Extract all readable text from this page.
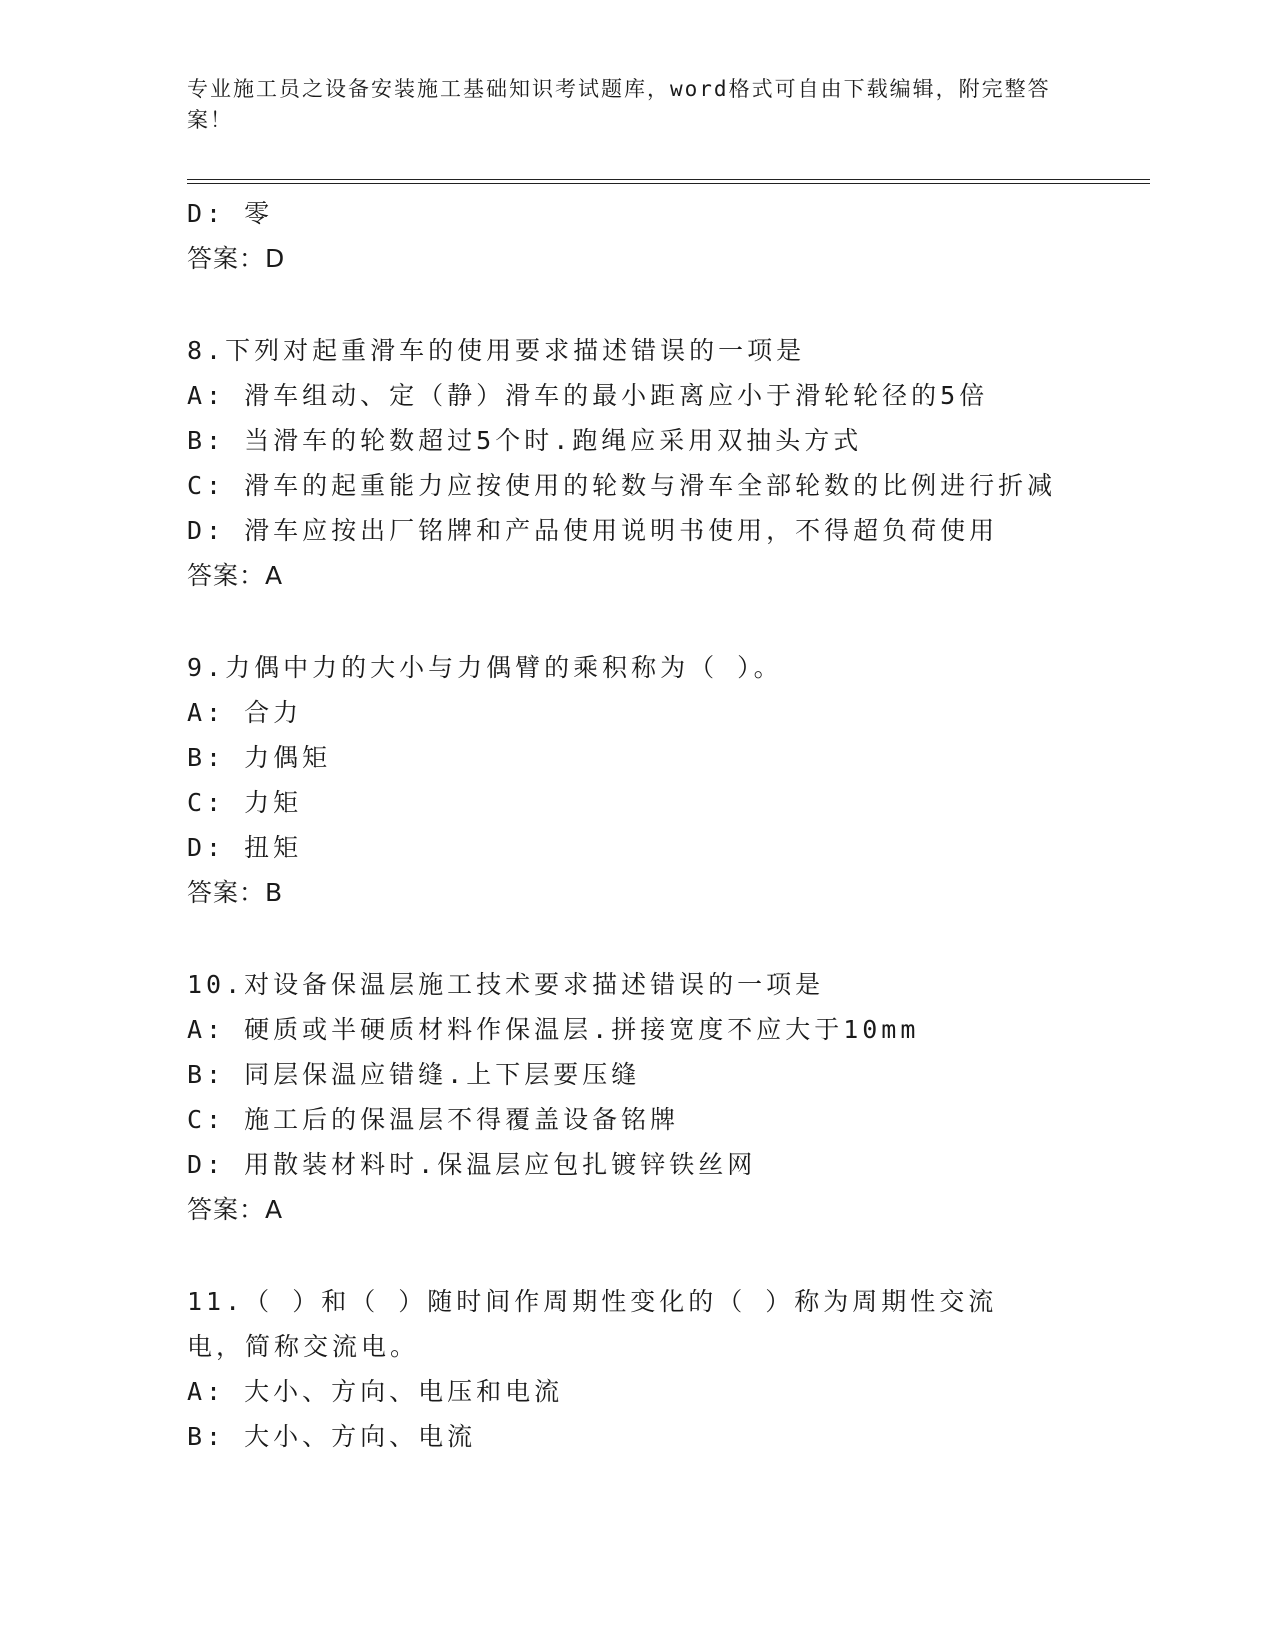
专业施工员之设备安装施工基础知识考试题库，word格式可自由下载编辑，附完整答案！
D: 零
答案：D
8.下列对起重滑车的使用要求描述错误的一项是
A: 滑车组动、定（静）滑车的最小距离应小于滑轮轮径的5倍
B: 当滑车的轮数超过5个时.跑绳应采用双抽头方式
C: 滑车的起重能力应按使用的轮数与滑车全部轮数的比例进行折减
D: 滑车应按出厂铭牌和产品使用说明书使用，不得超负荷使用
答案：A
9.力偶中力的大小与力偶臂的乘积称为（ ）。
A: 合力
B: 力偶矩
C: 力矩
D: 扭矩
答案：B
10.对设备保温层施工技术要求描述错误的一项是
A: 硬质或半硬质材料作保温层.拼接宽度不应大于10mm
B: 同层保温应错缝.上下层要压缝
C: 施工后的保温层不得覆盖设备铭牌
D: 用散装材料时.保温层应包扎镀锌铁丝网
答案：A
11.（ ）和（ ）随时间作周期性变化的（ ）称为周期性交流电，简称交流电。
A: 大小、方向、电压和电流
B: 大小、方向、电流
